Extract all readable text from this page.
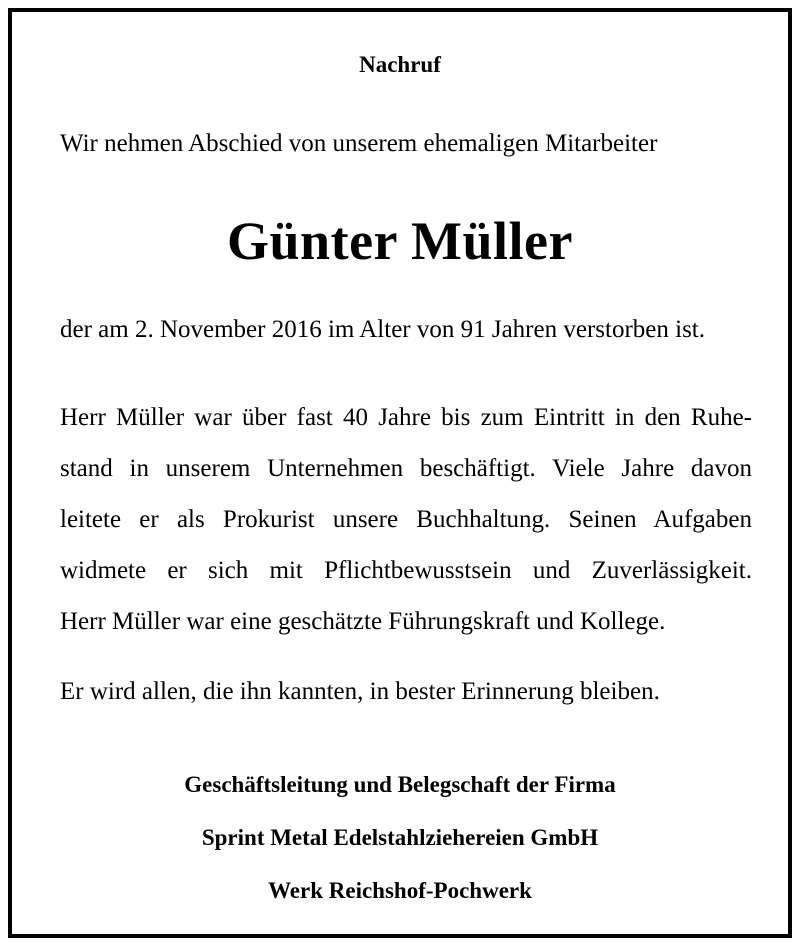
Nachruf
Wir nehmen Abschied von unserem ehemaligen Mitarbeiter
Günter Müller
der am 2. November 2016 im Alter von 91 Jahren verstorben ist.
Herr Müller war über fast 40 Jahre bis zum Eintritt in den Ruhe-
stand in unserem Unternehmen beschäftigt. Viele Jahre davon
leitete er als Prokurist unsere Buchhaltung. Seinen Aufgaben
widmete er sich mit Pflichtbewusstsein und Zuverlässigkeit.
Herr Müller war eine geschätzte Führungskraft und Kollege.
Er wird allen, die ihn kannten, in bester Erinnerung bleiben.
Geschäftsleitung und Belegschaft der Firma
Sprint Metal Edelstahlziehereien GmbH
Werk Reichshof-Pochwerk
